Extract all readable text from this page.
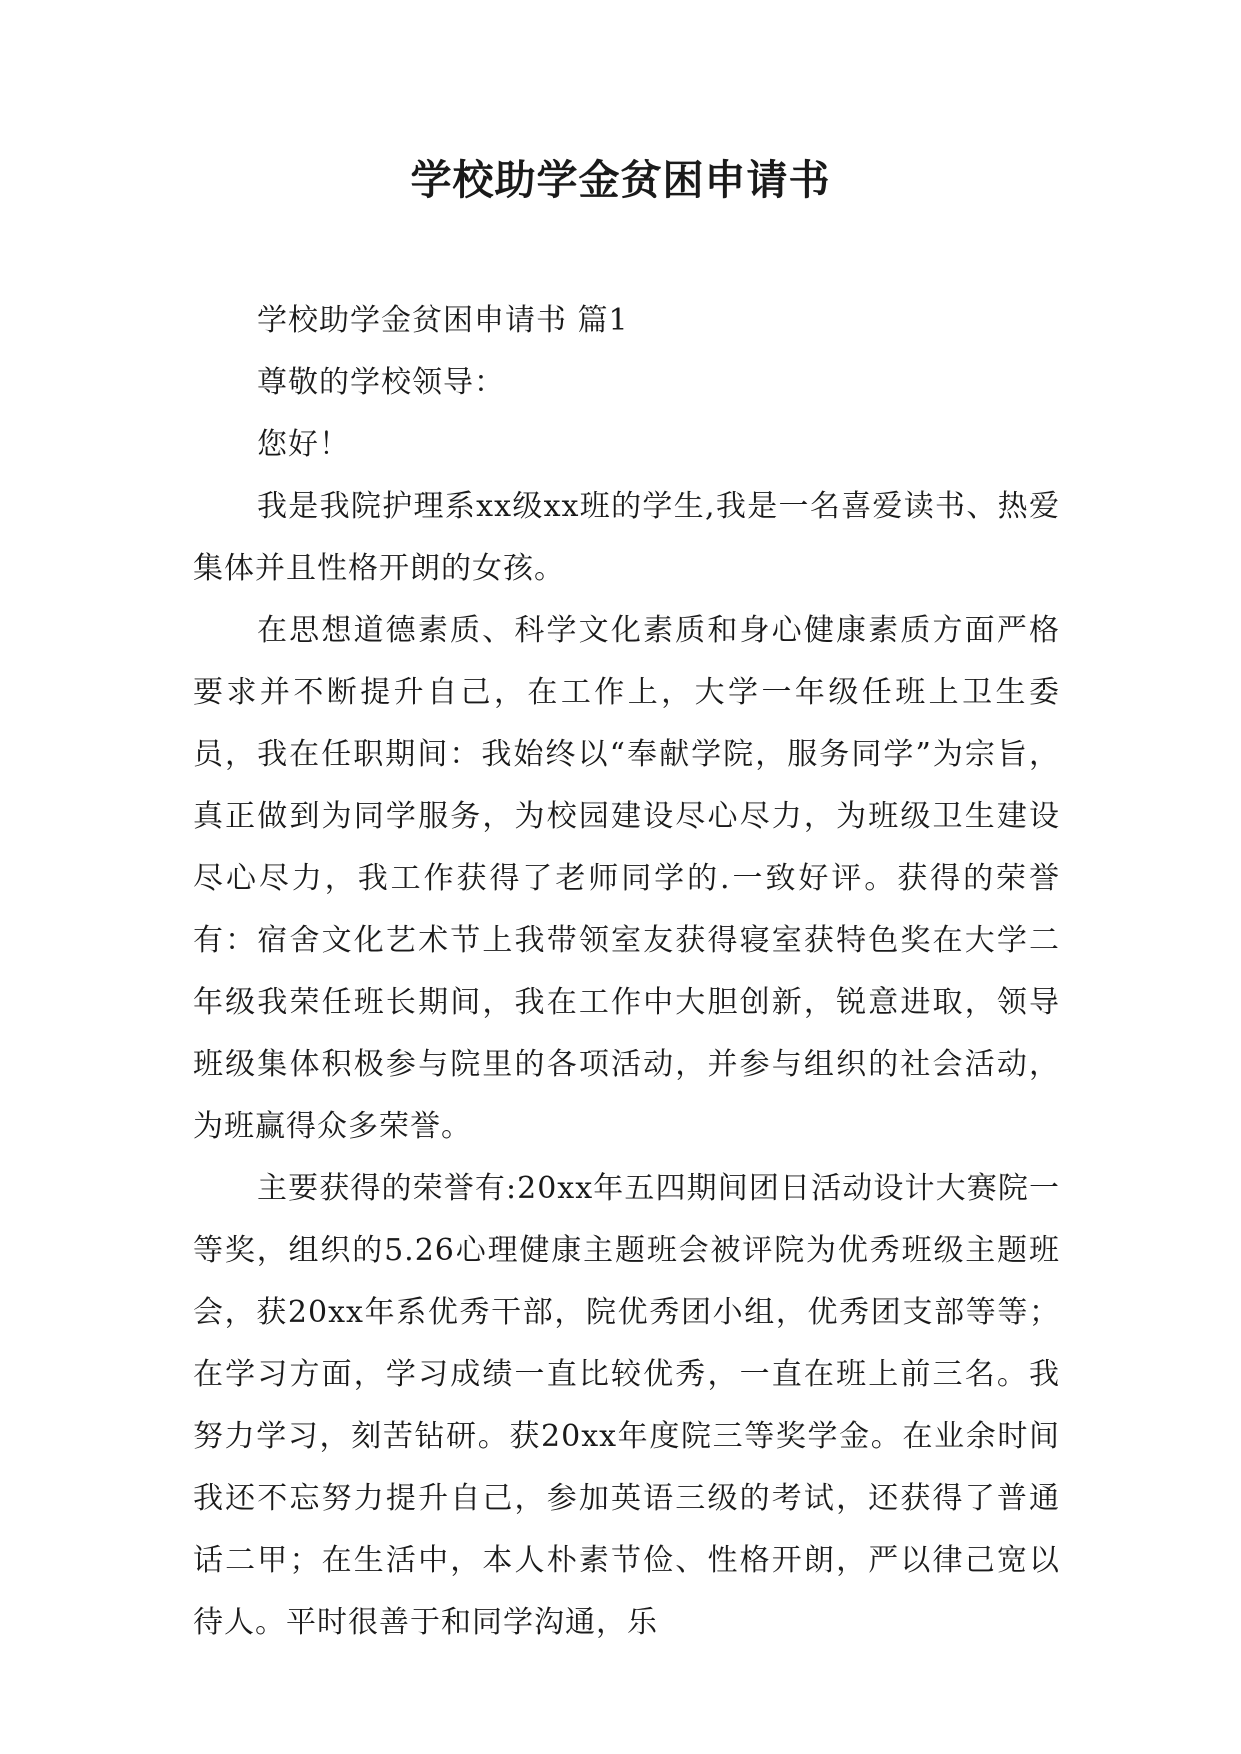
学校助学金贫困申请书

学校助学金贫困申请书 篇1

尊敬的学校领导：

您好！

我是我院护理系xx级xx班的学生,我是一名喜爱读书、热爱集体并且性格开朗的女孩。

在思想道德素质、科学文化素质和身心健康素质方面严格要求并不断提升自己，在工作上，大学一年级任班上卫生委员，我在任职期间：我始终以“奉献学院，服务同学”为宗旨，真正做到为同学服务，为校园建设尽心尽力，为班级卫生建设尽心尽力，我工作获得了老师同学的.一致好评。获得的荣誉有：宿舍文化艺术节上我带领室友获得寝室获特色奖在大学二年级我荣任班长期间，我在工作中大胆创新，锐意进取，领导班级集体积极参与院里的各项活动，并参与组织的社会活动，为班赢得众多荣誉。

主要获得的荣誉有:20xx年五四期间团日活动设计大赛院一等奖，组织的5.26心理健康主题班会被评院为优秀班级主题班会，获20xx年系优秀干部，院优秀团小组，优秀团支部等等；在学习方面，学习成绩一直比较优秀，一直在班上前三名。我努力学习，刻苦钻研。获20xx年度院三等奖学金。在业余时间我还不忘努力提升自己，参加英语三级的考试，还获得了普通话二甲；在生活中，本人朴素节俭、性格开朗，严以律己宽以待人。平时很善于和同学沟通，乐
